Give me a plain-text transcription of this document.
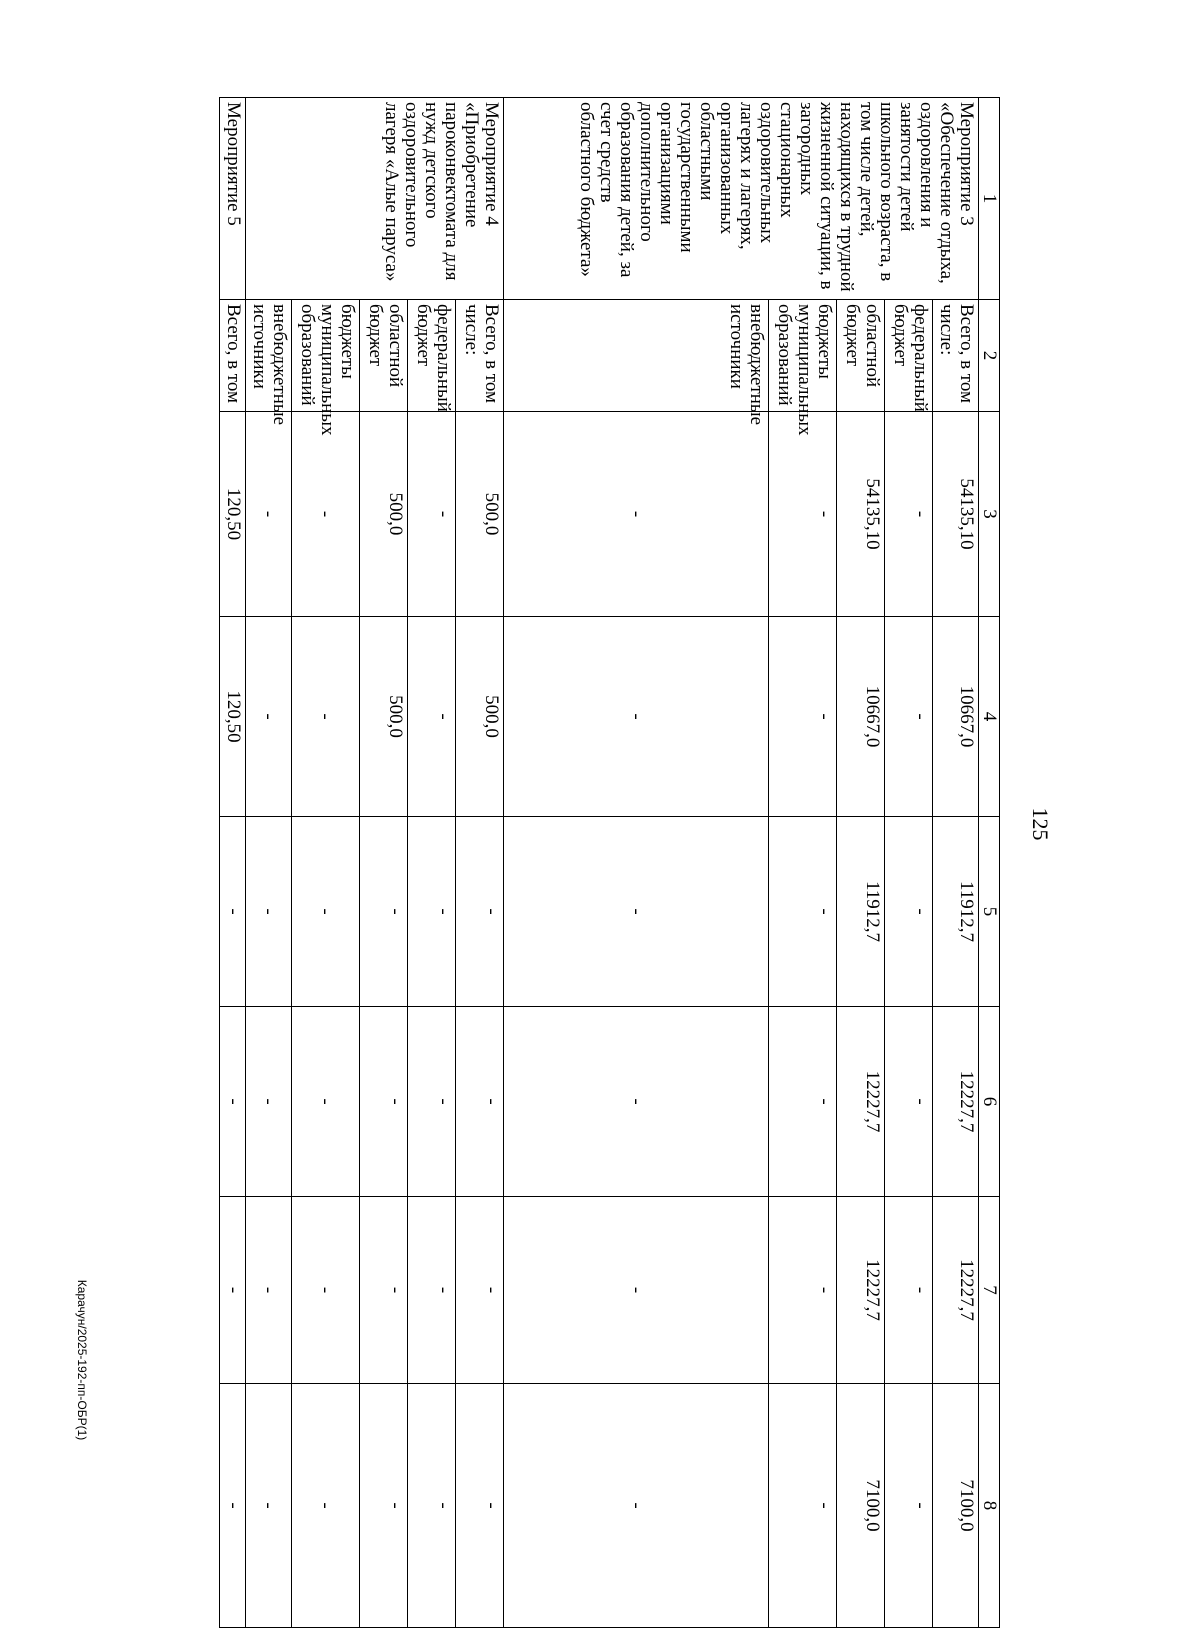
125
Карачун/2025-192-пп-ОБР(1)
1	2	3	4	5	6	7	8
Мероприятие 3 «Обеспечение отдыха, оздоровления и занятости детей школьного возраста, в том числе детей, находящихся в трудной жизненной ситуации, в загородных стационарных оздоровительных лагерях и лагерях, организованных областными государственными организациями дополнительного образования детей, за счет средств областного бюджета»	Всего, в том числе:	54135,10	10667,0	11912,7	12227,7	12227,7	7100,0
	федеральный бюджет	-	-	-	-	-	-
	областной бюджет	54135,10	10667,0	11912,7	12227,7	12227,7	7100,0
	бюджеты муниципальных образований	-	-	-	-	-	-
	внебюджетные источники	-	-	-	-	-	-
Мероприятие 4 «Приобретение пароконвектомата для нужд детского оздоровительного лагеря «Алые паруса»	Всего, в том числе:	500,0	500,0	-	-	-	-
	федеральный бюджет	-	-	-	-	-	-
	областной бюджет	500,0	500,0	-	-	-	-
	бюджеты муниципальных образований	-	-	-	-	-	-
	внебюджетные источники	-	-	-	-	-	-
Мероприятие 5	Всего, в том	120,50	120,50	-	-	-	-
